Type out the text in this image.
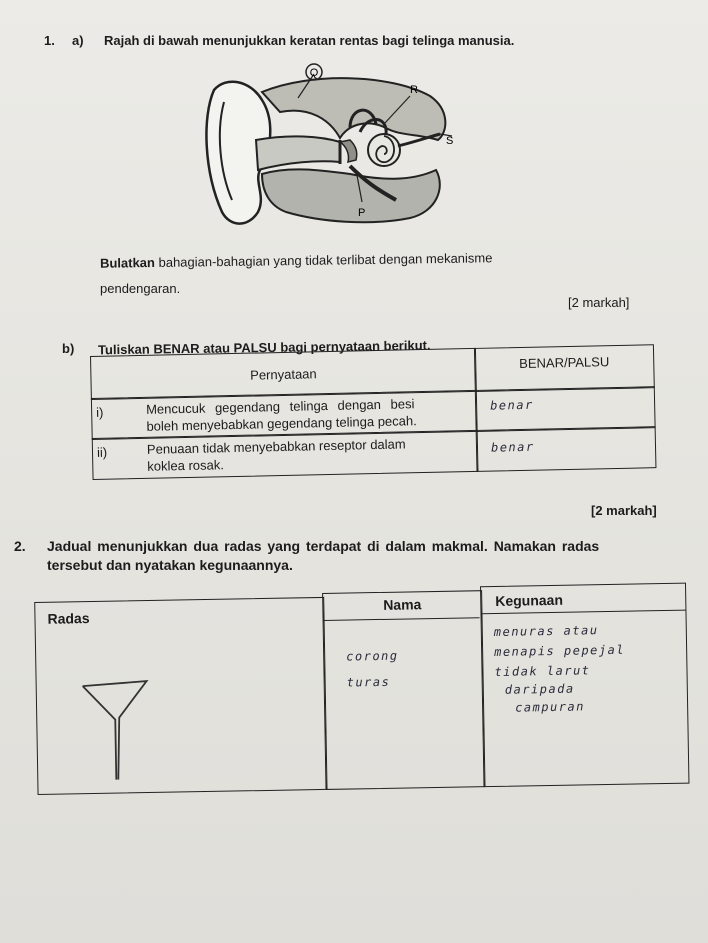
1. a) Rajah di bawah menunjukkan keratan rentas bagi telinga manusia.
Q
R
S
P
Bulatkan bahagian-bahagian yang tidak terlibat dengan mekanisme
pendengaran.
[2 markah]
b) Tuliskan BENAR atau PALSU bagi pernyataan berikut.
Pernyataan
BENAR/PALSU
i)	Mencucuk gegendang telinga dengan besi
boleh menyebabkan gegendang telinga pecah.
benar
ii)	Penuaan tidak menyebabkan reseptor dalam
koklea rosak.
benar
[2 markah]
2. Jadual menunjukkan dua radas yang terdapat di dalam makmal. Namakan radas
tersebut dan nyatakan kegunaannya.
Radas
Nama
corong
turas
Kegunaan
menuras atau
menapis pepejal
tidak larut
daripada
campuran
